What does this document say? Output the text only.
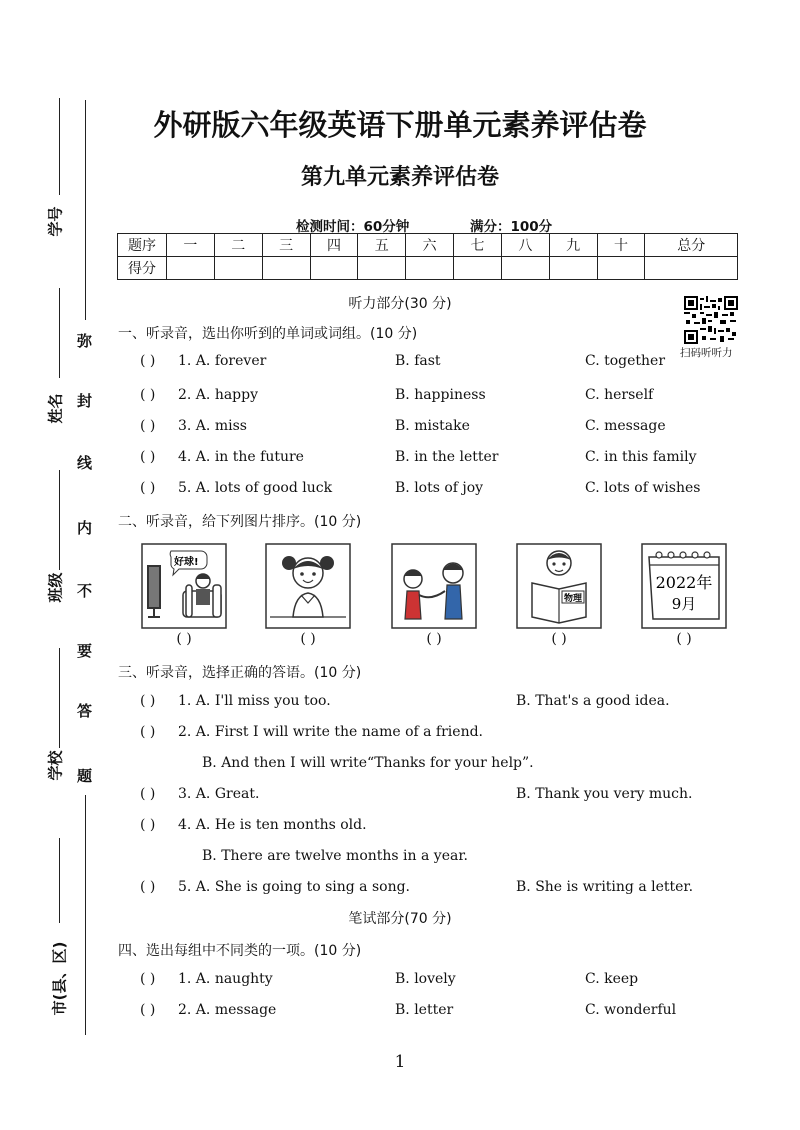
学号
姓名
班级
学校
市(县、区)
弥
封
线
内
不
要
答
题
外研版六年级英语下册单元素养评估卷
第九单元素养评估卷
检测时间：60分钟	满分：100分
题序	一	二	三	四	五	六	七	八	九	十	总分
得分											
扫码听听力
听力部分(30 分)
一、听录音，选出你听到的单词或词组。(10 分)
( ) 1. A. forever	B. fast	C. together
( ) 2. A. happy	B. happiness	C. herself
( ) 3. A. miss	B. mistake	C. message
( ) 4. A. in the future	B. in the letter	C. in this family
( ) 5. A. lots of good luck	B. lots of joy	C. lots of wishes
二、听录音，给下列图片排序。(10 分)
好球!
( )	( )	( )
物理
( )
2022年
9月
( )
三、听录音，选择正确的答语。(10 分)
( ) 1. A. I'll miss you too.	B. That's a good idea.
( ) 2. A. First I will write the name of a friend.
B. And then I will write“Thanks for your help”.
( ) 3. A. Great.	B. Thank you very much.
( ) 4. A. He is ten months old.
B. There are twelve months in a year.
( ) 5. A. She is going to sing a song.	B. She is writing a letter.
笔试部分(70 分)
四、选出每组中不同类的一项。(10 分)
( ) 1. A. naughty	B. lovely	C. keep
( ) 2. A. message	B. letter	C. wonderful
1
